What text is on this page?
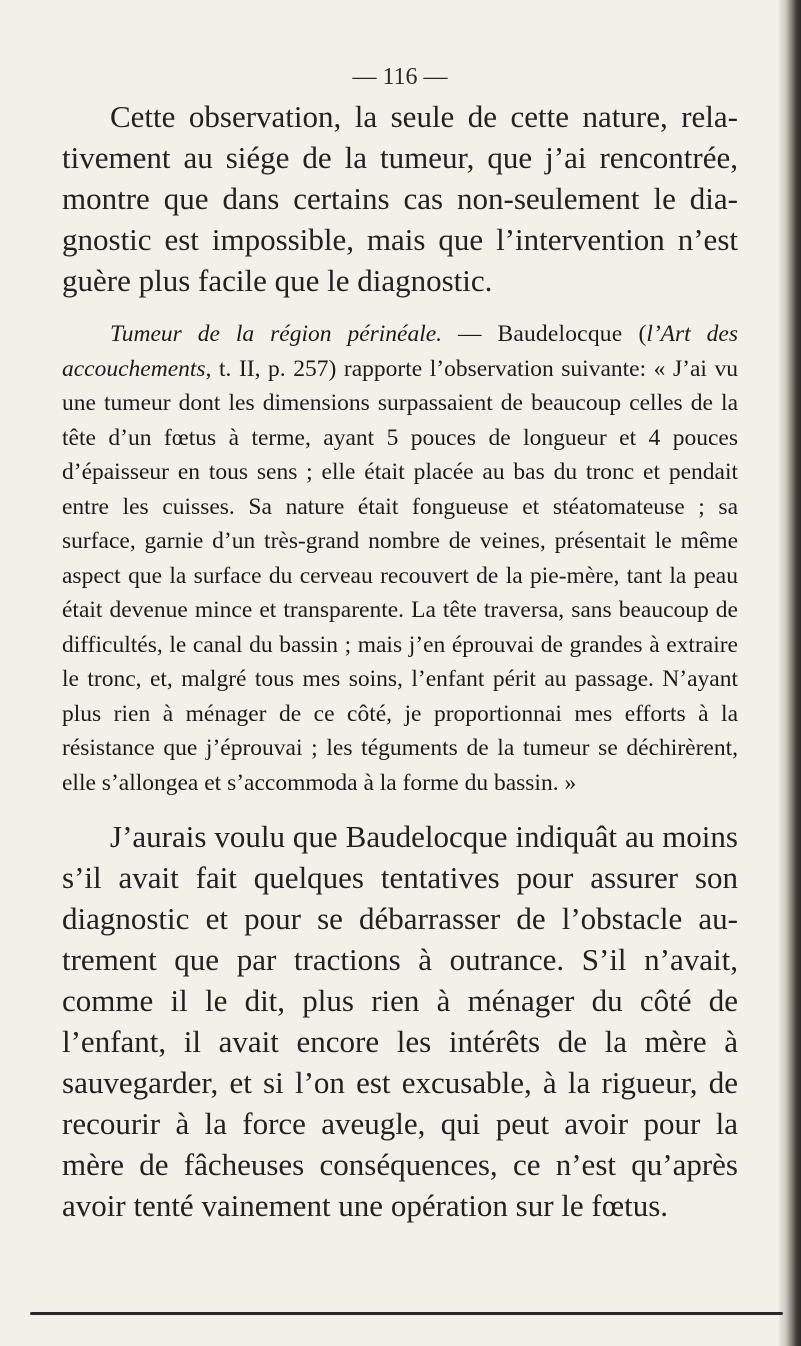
— 116 —

Cette observation, la seule de cette nature, relativement au siége de la tumeur, que j’ai rencontrée, montre que dans certains cas non-seulement le diagnostic est impossible, mais que l’intervention n’est guère plus facile que le diagnostic.

Tumeur de la région périnéale. — Baudelocque (l’Art des accouchements, t. II, p. 257) rapporte l’observation suivante: « J’ai vu une tumeur dont les dimensions surpassaient de beaucoup celles de la tête d’un fœtus à terme, ayant 5 pouces de longueur et 4 pouces d’épaisseur en tous sens ; elle était placée au bas du tronc et pendait entre les cuisses. Sa nature était fongueuse et stéatomateuse ; sa surface, garnie d’un très-grand nombre de veines, présentait le même aspect que la surface du cerveau recouvert de la pie-mère, tant la peau était devenue mince et transparente. La tête traversa, sans beaucoup de difficultés, le canal du bassin ; mais j’en éprouvai de grandes à extraire le tronc, et, malgré tous mes soins, l’enfant périt au passage. N’ayant plus rien à ménager de ce côté, je proportionnai mes efforts à la résistance que j’éprouvai ; les téguments de la tumeur se déchirèrent, elle s’allongea et s’accommoda à la forme du bassin. »

J’aurais voulu que Baudelocque indiquât au moins s’il avait fait quelques tentatives pour assurer son diagnostic et pour se débarrasser de l’obstacle autrement que par tractions à outrance. S’il n’avait, comme il le dit, plus rien à ménager du côté de l’enfant, il avait encore les intérêts de la mère à sauvegarder, et si l’on est excusable, à la rigueur, de recourir à la force aveugle, qui peut avoir pour la mère de fâcheuses conséquences, ce n’est qu’après avoir tenté vainement une opération sur le fœtus.
